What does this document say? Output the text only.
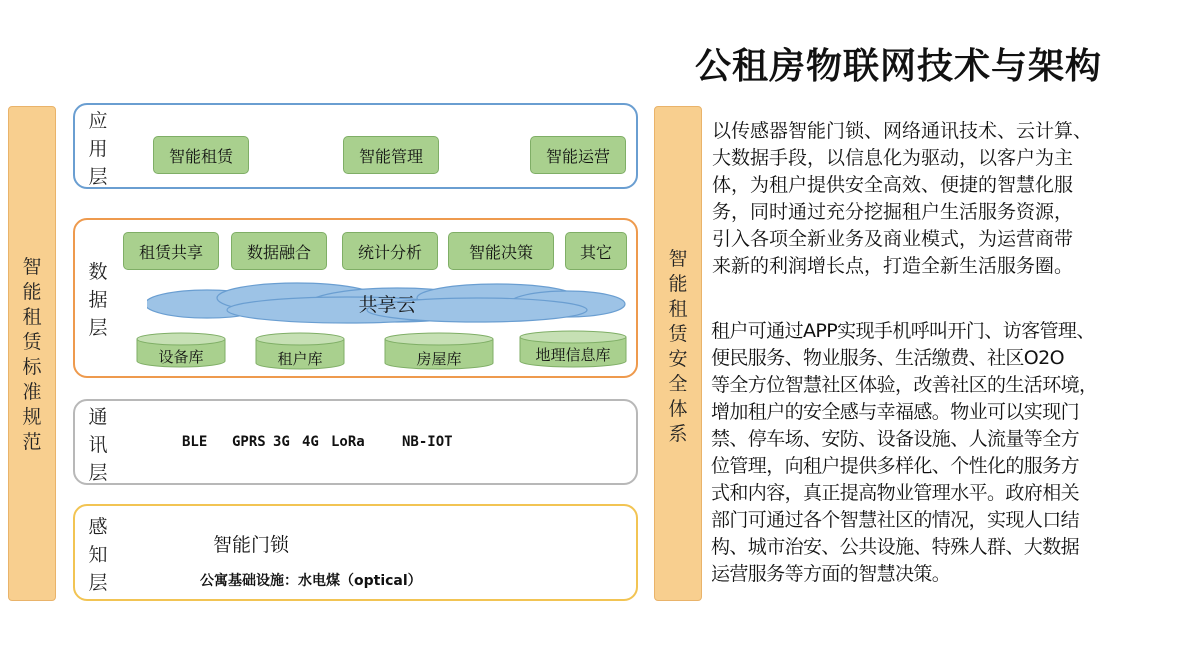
公租房物联网技术与架构
智
能
租
赁
标
准
规
范
智
能
租
赁
安
全
体
系
应
用
层
智能租赁	智能管理	智能运营
数
据
层
租赁共享	数据融合	统计分析	智能决策	其它
共享云
设备库	租户库	房屋库	地理信息库
通
讯
层
BLE GPRS 3G 4G LoRa	NB-IOT
感
知
层
智能门锁
公寓基础设施：水电煤（optical）
以传感器智能门锁、网络通讯技术、云计算、
大数据手段，以信息化为驱动，以客户为主
体，为租户提供安全高效、便捷的智慧化服
务，同时通过充分挖掘租户生活服务资源，
引入各项全新业务及商业模式，为运营商带
来新的利润增长点，打造全新生活服务圈。
租户可通过APP实现手机呼叫开门、访客管理、
便民服务、物业服务、生活缴费、社区O2O
等全方位智慧社区体验，改善社区的生活环境，
增加租户的安全感与幸福感。物业可以实现门
禁、停车场、安防、设备设施、人流量等全方
位管理，向租户提供多样化、个性化的服务方
式和内容，真正提高物业管理水平。政府相关
部门可通过各个智慧社区的情况，实现人口结
构、城市治安、公共设施、特殊人群、大数据
运营服务等方面的智慧决策。
